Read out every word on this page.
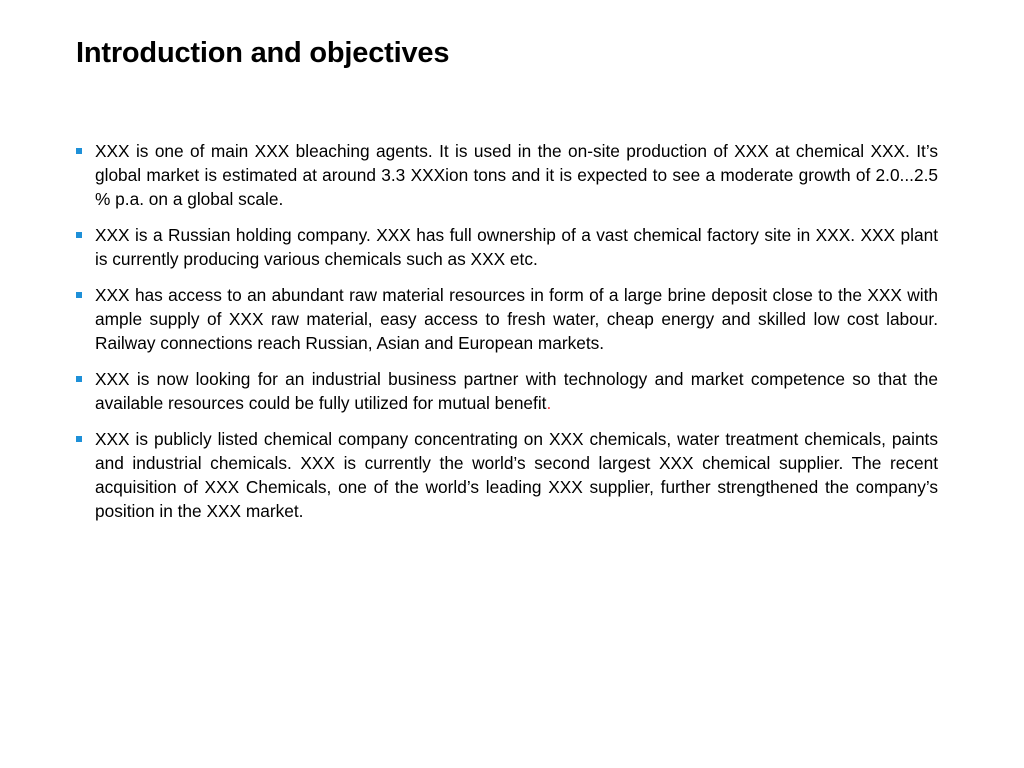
Introduction and objectives
XXX is one of main XXX bleaching agents. It is used in the on-site production of XXX at chemical XXX. It’s global market is estimated at around 3.3 XXXion tons and it is expected to see a moderate growth of 2.0...2.5 % p.a. on a global scale.
XXX is a Russian holding company. XXX has full ownership of a vast chemical factory site in XXX. XXX plant is currently producing various chemicals such as XXX etc.
XXX has access to an abundant raw material resources in form of a large brine deposit close to the XXX with ample supply of XXX raw material, easy access to fresh water, cheap energy and skilled low cost labour. Railway connections reach Russian, Asian and European markets.
XXX is now looking for an industrial business partner with technology and market competence so that the available resources could be fully utilized for mutual benefit.
XXX is publicly listed chemical company concentrating on XXX chemicals, water treatment chemicals, paints and industrial chemicals. XXX is currently the world’s second largest XXX chemical supplier. The recent acquisition of XXX Chemicals, one of the world’s leading XXX supplier, further strengthened the company’s position in the XXX market.
